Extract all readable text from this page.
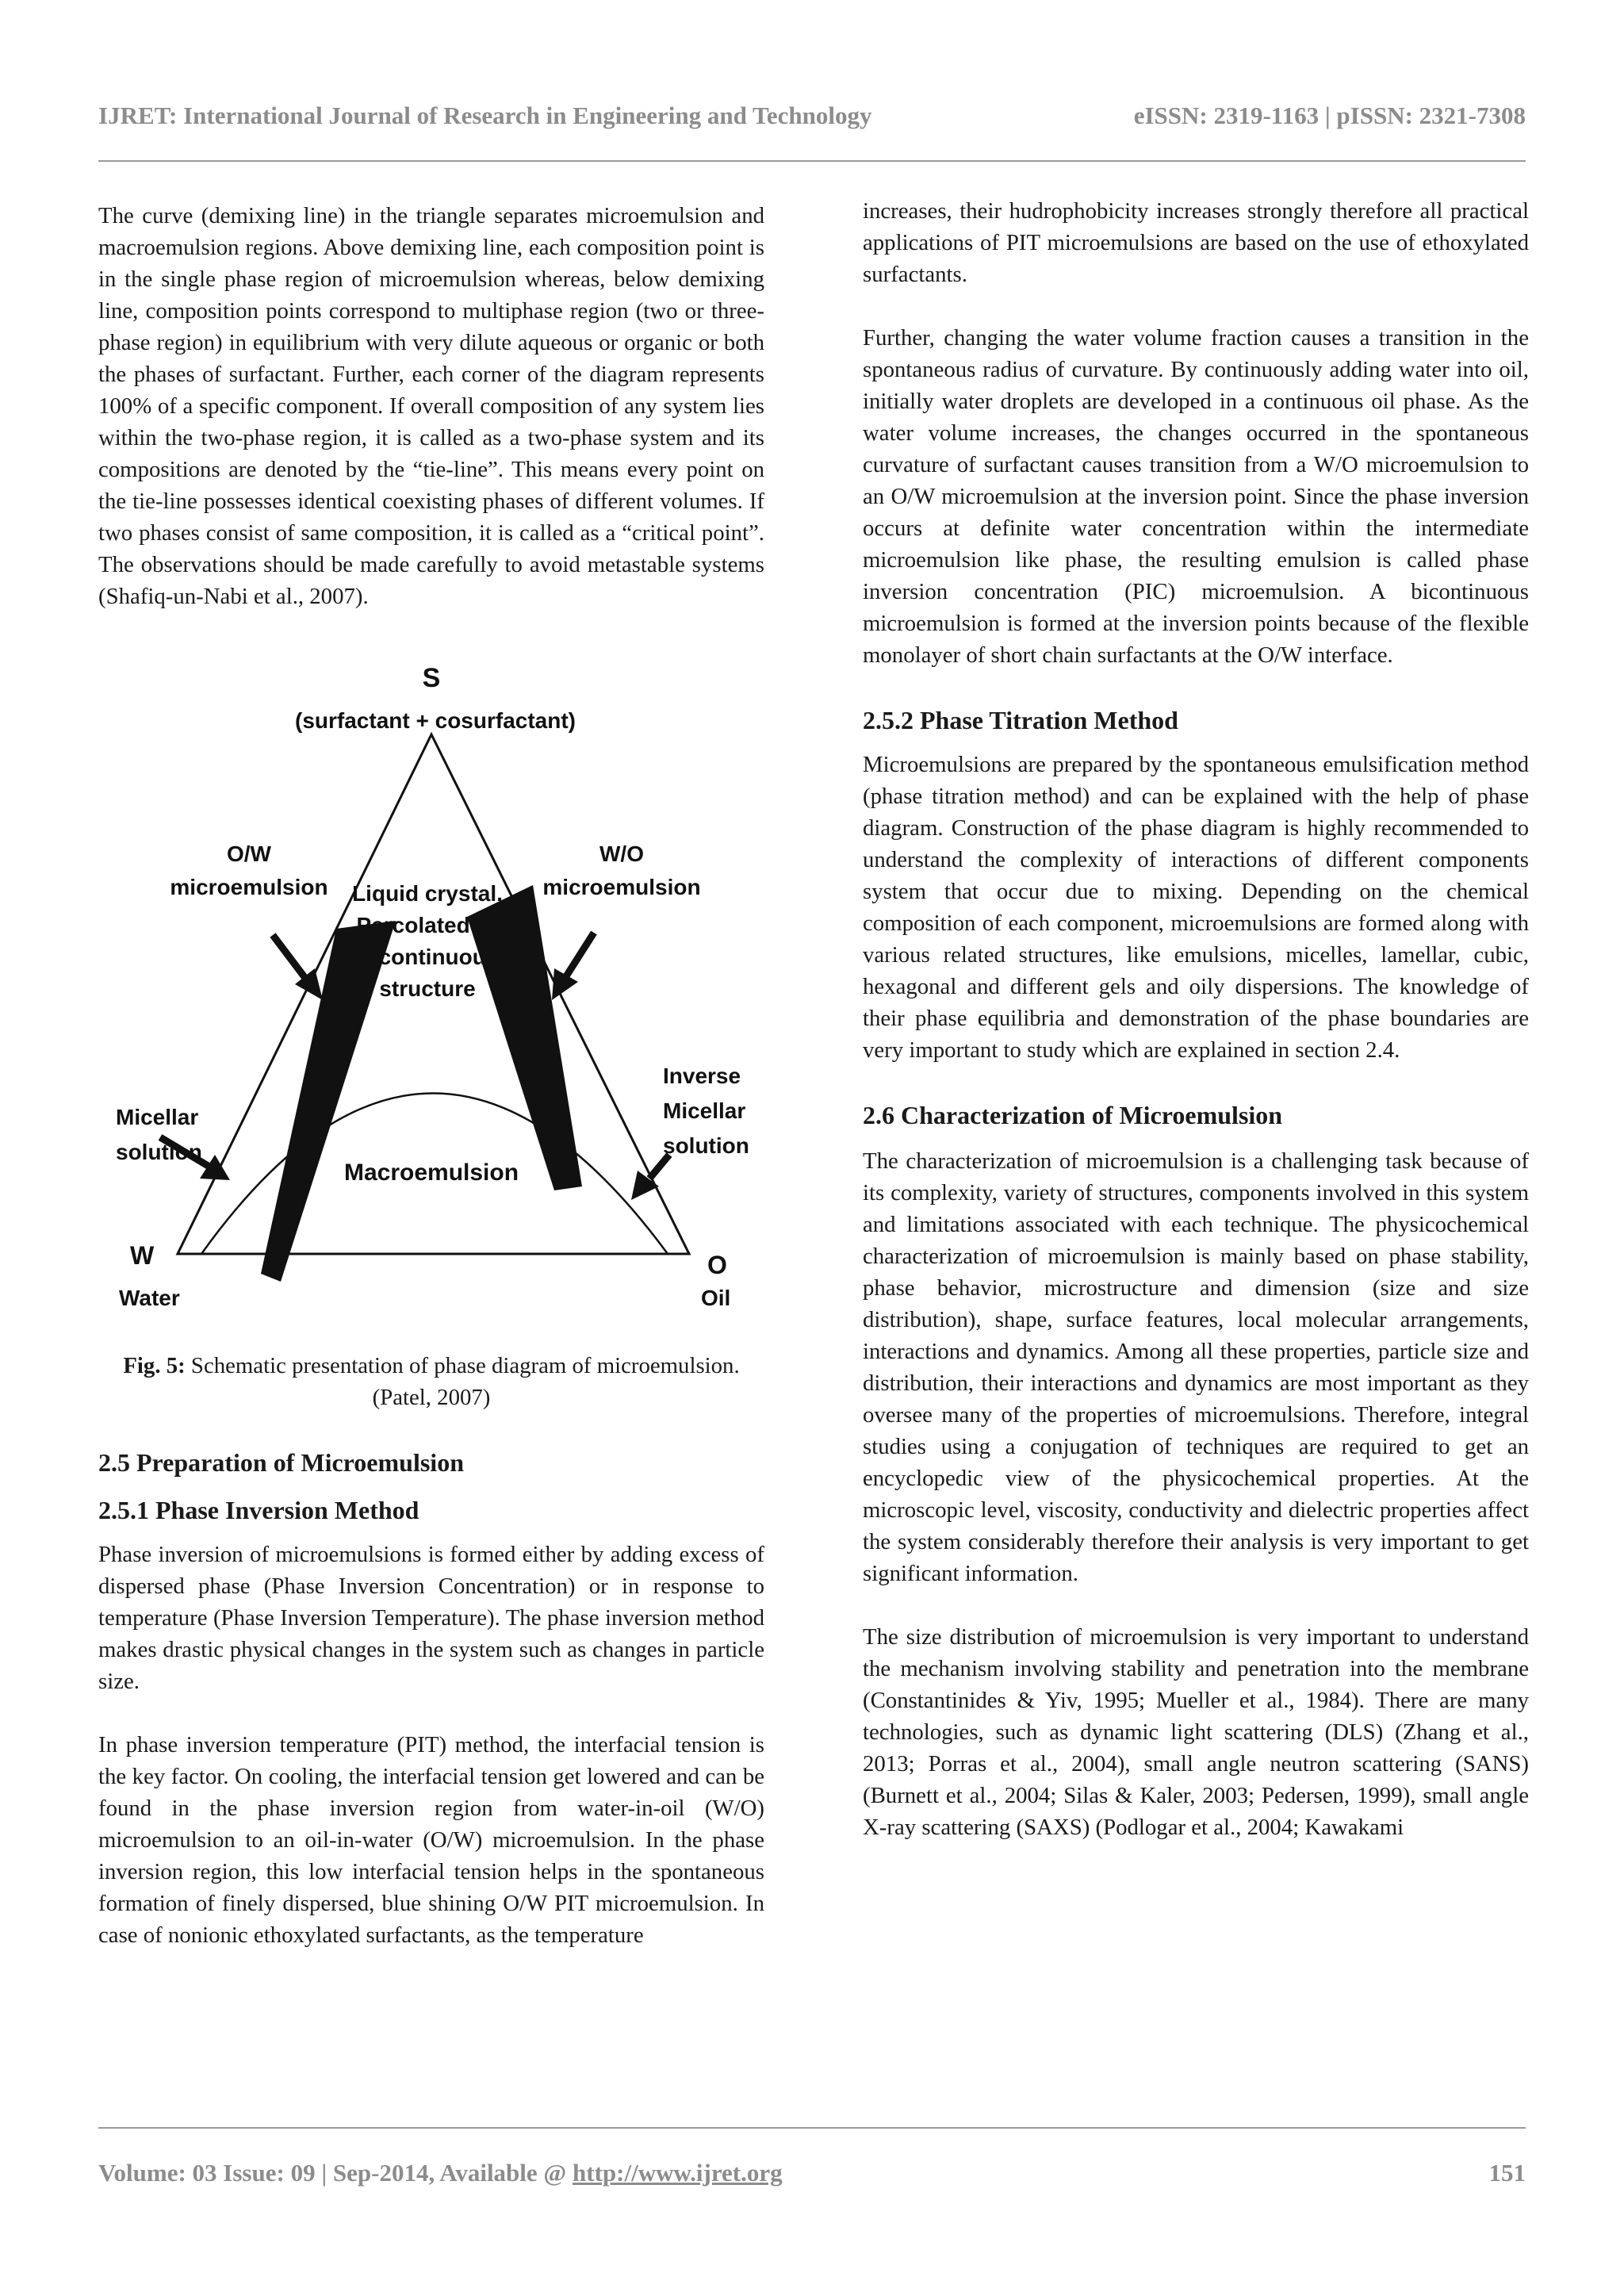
IJRET: International Journal of Research in Engineering and Technology	eISSN: 2319-1163 | pISSN: 2321-7308

The curve (demixing line) in the triangle separates microemulsion and macroemulsion regions. Above demixing line, each composition point is in the single phase region of microemulsion whereas, below demixing line, composition points correspond to multiphase region (two or three-phase region) in equilibrium with very dilute aqueous or organic or both the phases of surfactant. Further, each corner of the diagram represents 100% of a specific component. If overall composition of any system lies within the two-phase region, it is called as a two-phase system and its compositions are denoted by the “tie-line”. This means every point on the tie-line possesses identical coexisting phases of different volumes. If two phases consist of same composition, it is called as a “critical point”. The observations should be made carefully to avoid metastable systems (Shafiq-un-Nabi et al., 2007).

S
(surfactant + cosurfactant)
O/W
microemulsion
W/O
microemulsion
Liquid crystal,
Percolated or
Bicontinuous
structure
Micellar
solution
Inverse
Micellar
solution
Macroemulsion
W
Water
O
Oil

Fig. 5: Schematic presentation of phase diagram of microemulsion. (Patel, 2007)

2.5 Preparation of Microemulsion
2.5.1 Phase Inversion Method

Phase inversion of microemulsions is formed either by adding excess of dispersed phase (Phase Inversion Concentration) or in response to temperature (Phase Inversion Temperature). The phase inversion method makes drastic physical changes in the system such as changes in particle size.

In phase inversion temperature (PIT) method, the interfacial tension is the key factor. On cooling, the interfacial tension get lowered and can be found in the phase inversion region from water-in-oil (W/O) microemulsion to an oil-in-water (O/W) microemulsion. In the phase inversion region, this low interfacial tension helps in the spontaneous formation of finely dispersed, blue shining O/W PIT microemulsion. In case of nonionic ethoxylated surfactants, as the temperature

increases, their hudrophobicity increases strongly therefore all practical applications of PIT microemulsions are based on the use of ethoxylated surfactants.

Further, changing the water volume fraction causes a transition in the spontaneous radius of curvature. By continuously adding water into oil, initially water droplets are developed in a continuous oil phase. As the water volume increases, the changes occurred in the spontaneous curvature of surfactant causes transition from a W/O microemulsion to an O/W microemulsion at the inversion point. Since the phase inversion occurs at definite water concentration within the intermediate microemulsion like phase, the resulting emulsion is called phase inversion concentration (PIC) microemulsion. A bicontinuous microemulsion is formed at the inversion points because of the flexible monolayer of short chain surfactants at the O/W interface.

2.5.2 Phase Titration Method

Microemulsions are prepared by the spontaneous emulsification method (phase titration method) and can be explained with the help of phase diagram. Construction of the phase diagram is highly recommended to understand the complexity of interactions of different components system that occur due to mixing. Depending on the chemical composition of each component, microemulsions are formed along with various related structures, like emulsions, micelles, lamellar, cubic, hexagonal and different gels and oily dispersions. The knowledge of their phase equilibria and demonstration of the phase boundaries are very important to study which are explained in section 2.4.

2.6 Characterization of Microemulsion

The characterization of microemulsion is a challenging task because of its complexity, variety of structures, components involved in this system and limitations associated with each technique. The physicochemical characterization of microemulsion is mainly based on phase stability, phase behavior, microstructure and dimension (size and size distribution), shape, surface features, local molecular arrangements, interactions and dynamics. Among all these properties, particle size and distribution, their interactions and dynamics are most important as they oversee many of the properties of microemulsions. Therefore, integral studies using a conjugation of techniques are required to get an encyclopedic view of the physicochemical properties. At the microscopic level, viscosity, conductivity and dielectric properties affect the system considerably therefore their analysis is very important to get significant information.

The size distribution of microemulsion is very important to understand the mechanism involving stability and penetration into the membrane (Constantinides & Yiv, 1995; Mueller et al., 1984). There are many technologies, such as dynamic light scattering (DLS) (Zhang et al., 2013; Porras et al., 2004), small angle neutron scattering (SANS) (Burnett et al., 2004; Silas & Kaler, 2003; Pedersen, 1999), small angle X-ray scattering (SAXS) (Podlogar et al., 2004; Kawakami

Volume: 03 Issue: 09 | Sep-2014, Available @ http://www.ijret.org	151
